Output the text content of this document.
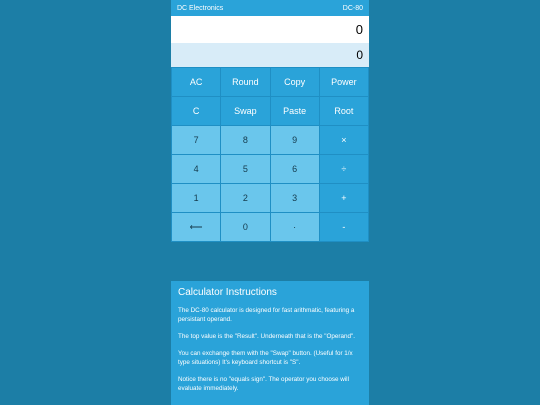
DC Electronics	DC-80
0
0
AC	Round	Copy	Power
C	Swap	Paste	Root
7	8	9	×
4	5	6	÷
1	2	3	+
⟵	0	·	-
Calculator Instructions

The DC-80 calculator is designed for fast arithmatic, featuring a persistant operand.

The top value is the "Result". Underneath that is the "Operand".

You can exchange them with the "Swap" button. (Useful for 1/x type situations) It's keyboard shortcut is "S".

Notice there is no "equals sign". The operator you choose will evaluate immediately.
